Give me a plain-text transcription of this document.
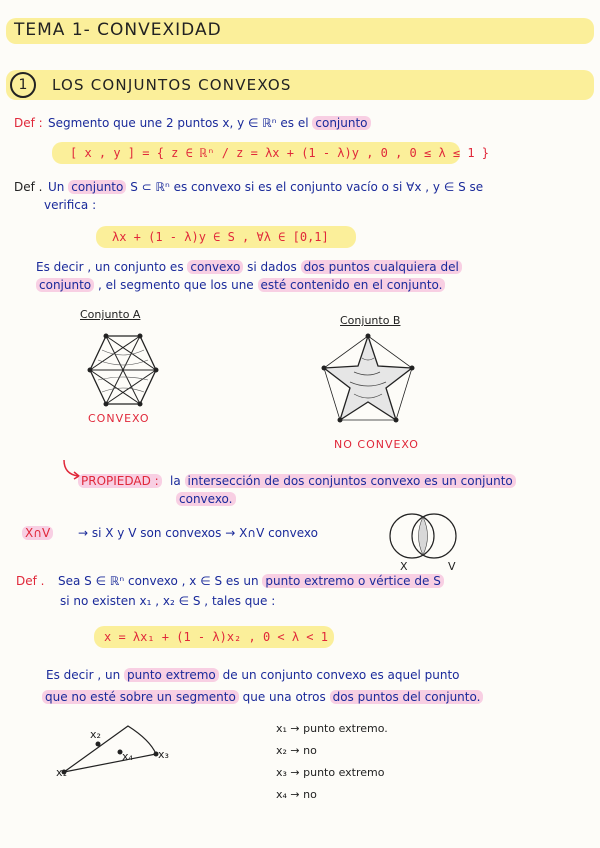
TEMA 1- CONVEXIDAD
1	LOS CONJUNTOS CONVEXOS
Def : Segmento que une 2 puntos x, y ∈ ℝⁿ es el conjunto
[ x , y ] = { z ∈ ℝⁿ / z = λx + (1 - λ)y , 0 , 0 ≤ λ ≤ 1 }
Def . Un conjunto S ⊂ ℝⁿ es convexo si es el conjunto vacío o si ∀x , y ∈ S se
verifica :
λx + (1 - λ)y ∈ S , ∀λ ∈ [0,1]
Es decir , un conjunto es convexo si dados dos puntos cualquiera del
conjunto , el segmento que los une esté contenido en el conjunto.
Conjunto A
CONVEXO
Conjunto B
NO CONVEXO
PROPIEDAD : la intersección de dos conjuntos convexo es un conjunto
convexo.
X∩V → si X y V son convexos → X∩V convexo
X	V
Def . Sea S ∈ ℝⁿ convexo , x ∈ S es un punto extremo o vértice de S
si no existen x₁ , x₂ ∈ S , tales que :
x = λx₁ + (1 - λ)x₂ , 0 < λ < 1
Es decir , un punto extremo de un conjunto convexo es aquel punto
que no esté sobre un segmento que una otros dos puntos del conjunto.
x₁
x₂
x₃
x₄
x₁ → punto extremo.
x₂ → no
x₃ → punto extremo
x₄ → no
